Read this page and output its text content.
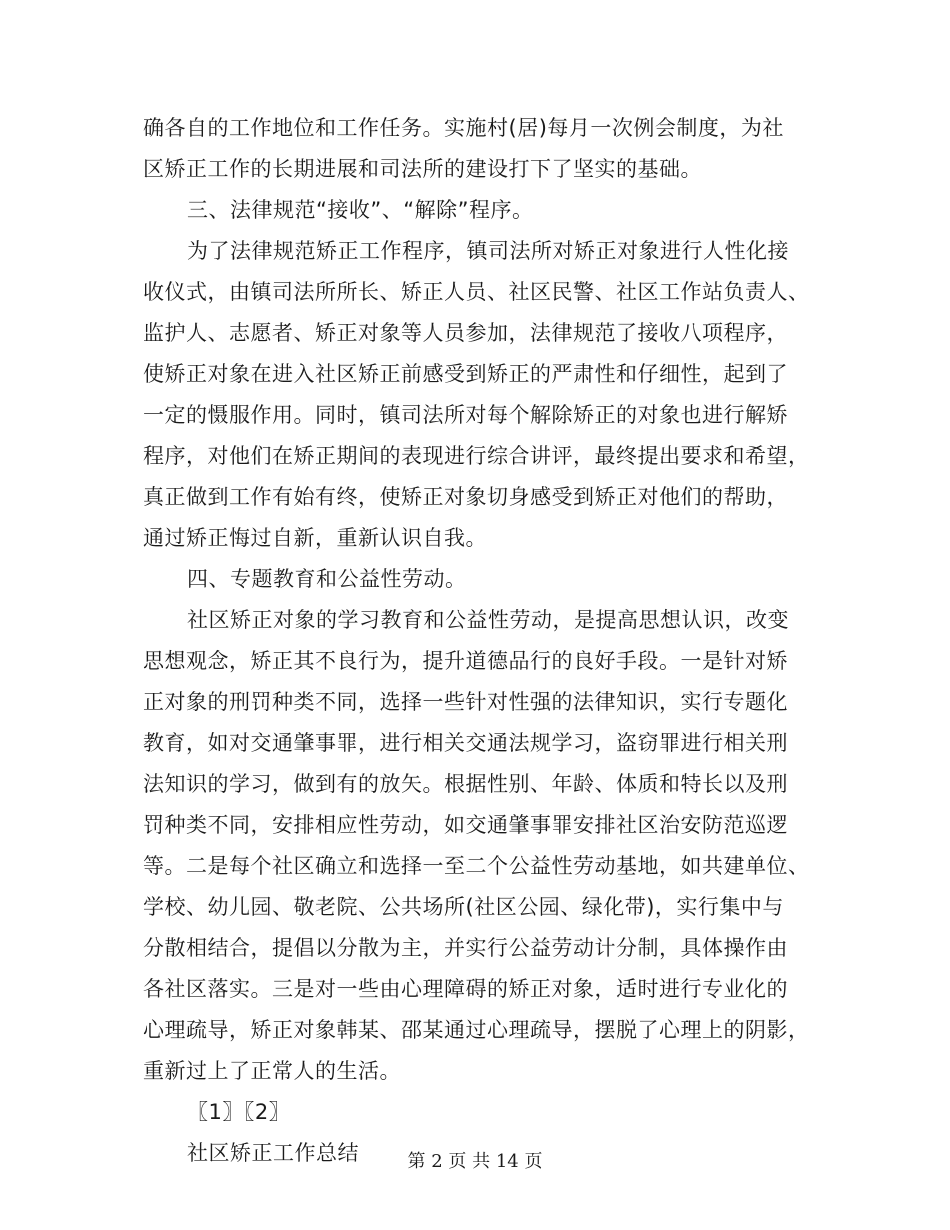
确各自的工作地位和工作任务。实施村(居)每月一次例会制度，为社
区矫正工作的长期进展和司法所的建设打下了坚实的基础。
三、法律规范“接收”、“解除”程序。
为了法律规范矫正工作程序，镇司法所对矫正对象进行人性化接
收仪式，由镇司法所所长、矫正人员、社区民警、社区工作站负责人、
监护人、志愿者、矫正对象等人员参加，法律规范了接收八项程序，
使矫正对象在进入社区矫正前感受到矫正的严肃性和仔细性，起到了
一定的慑服作用。同时，镇司法所对每个解除矫正的对象也进行解矫
程序，对他们在矫正期间的表现进行综合讲评，最终提出要求和希望，
真正做到工作有始有终，使矫正对象切身感受到矫正对他们的帮助，
通过矫正悔过自新，重新认识自我。
四、专题教育和公益性劳动。
社区矫正对象的学习教育和公益性劳动，是提高思想认识，改变
思想观念，矫正其不良行为，提升道德品行的良好手段。一是针对矫
正对象的刑罚种类不同，选择一些针对性强的法律知识，实行专题化
教育，如对交通肇事罪，进行相关交通法规学习，盗窃罪进行相关刑
法知识的学习，做到有的放矢。根据性别、年龄、体质和特长以及刑
罚种类不同，安排相应性劳动，如交通肇事罪安排社区治安防范巡逻
等。二是每个社区确立和选择一至二个公益性劳动基地，如共建单位、
学校、幼儿园、敬老院、公共场所(社区公园、绿化带)，实行集中与
分散相结合，提倡以分散为主，并实行公益劳动计分制，具体操作由
各社区落实。三是对一些由心理障碍的矫正对象，适时进行专业化的
心理疏导，矫正对象韩某、邵某通过心理疏导，摆脱了心理上的阴影，
重新过上了正常人的生活。
〖1〗〖2〗
社区矫正工作总结	第 2 页 共 14 页
